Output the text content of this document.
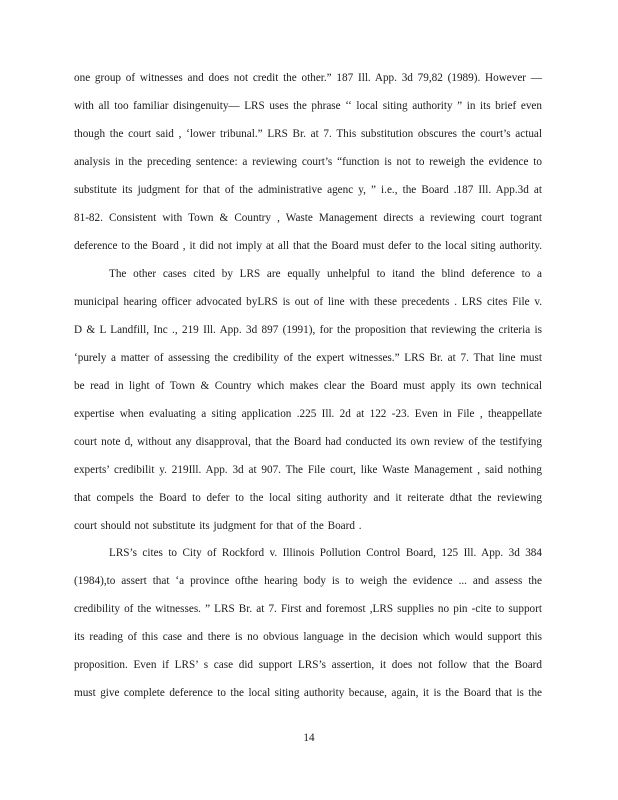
one group of witnesses and does not credit the other.” 187 Ill. App. 3d 79,82 (1989). However —
with all too familiar disingenuity— LRS uses the phrase ‘‘ local siting authority ” in its brief even
though the court said , ‘lower tribunal.” LRS Br. at 7. This substitution obscures the court’s actual
analysis in the preceding sentence: a reviewing court’s “function is not to reweigh the evidence to
substitute its judgment for that of the administrative agenc y, ” i.e., the Board .187 Ill. App.3d at
81-82. Consistent with Town & Country , Waste Management directs a reviewing court togrant
deference to the Board , it did not imply at all that the Board must defer to the local siting authority.
The other cases cited by LRS are equally unhelpful to itand the blind deference to a
municipal hearing officer advocated byLRS is out of line with these precedents . LRS cites File v.
D & L Landfill, Inc ., 219 Ill. App. 3d 897 (1991), for the proposition that reviewing the criteria is
‘purely a matter of assessing the credibility of the expert witnesses.” LRS Br. at 7. That line must
be read in light of Town & Country which makes clear the Board must apply its own technical
expertise when evaluating a siting application .225 Ill. 2d at 122 -23. Even in File , theappellate
court note d, without any disapproval, that the Board had conducted its own review of the testifying
experts’ credibilit y. 219Ill. App. 3d at 907. The File court, like Waste Management , said nothing
that compels the Board to defer to the local siting authority and it reiterate dthat the reviewing
court should not substitute its judgment for that of the Board .
LRS’s cites to City of Rockford v. Illinois Pollution Control Board, 125 Ill. App. 3d 384
(1984),to assert that ‘a province ofthe hearing body is to weigh the evidence ... and assess the
credibility of the witnesses. ” LRS Br. at 7. First and foremost ,LRS supplies no pin -cite to support
its reading of this case and there is no obvious language in the decision which would support this
proposition. Even if LRS’ s case did support LRS’s assertion, it does not follow that the Board
must give complete deference to the local siting authority because, again, it is the Board that is the
14
